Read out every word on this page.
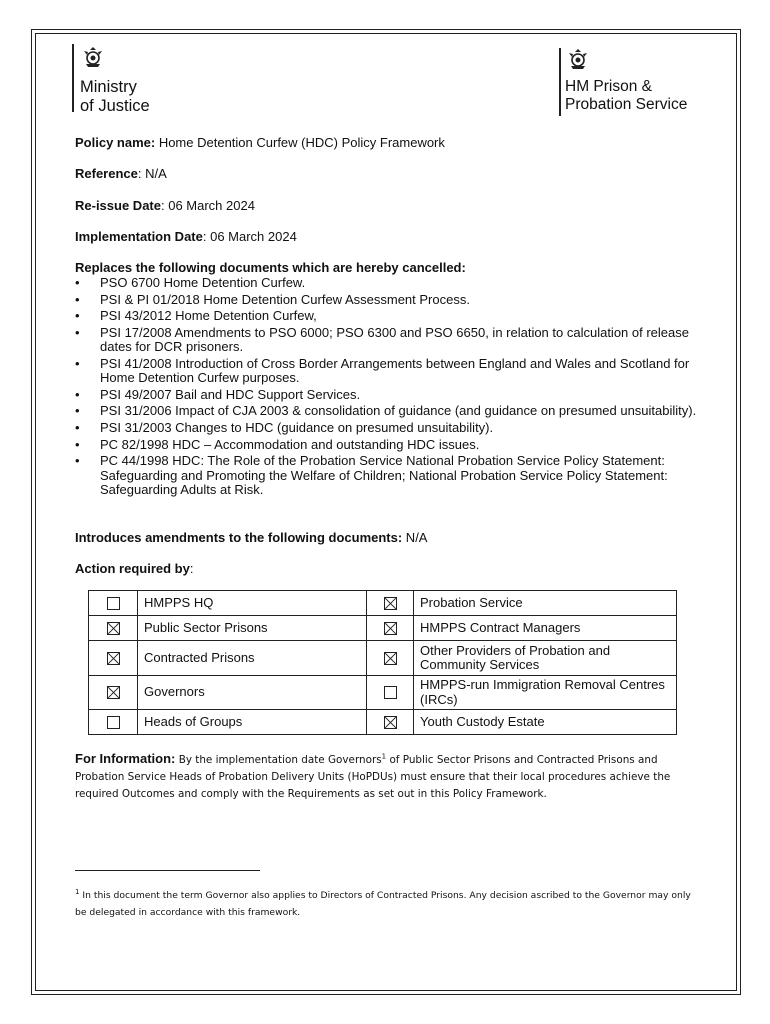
Ministry
of Justice
HM Prison &
Probation Service
Policy name: Home Detention Curfew (HDC) Policy Framework
Reference: N/A
Re-issue Date: 06 March 2024
Implementation Date: 06 March 2024
Replaces the following documents which are hereby cancelled:
• PSO 6700 Home Detention Curfew.
• PSI & PI 01/2018 Home Detention Curfew Assessment Process.
• PSI 43/2012 Home Detention Curfew,
• PSI 17/2008 Amendments to PSO 6000; PSO 6300 and PSO 6650, in relation to calculation of release dates for DCR prisoners.
• PSI 41/2008 Introduction of Cross Border Arrangements between England and Wales and Scotland for Home Detention Curfew purposes.
• PSI 49/2007 Bail and HDC Support Services.
• PSI 31/2006 Impact of CJA 2003 & consolidation of guidance (and guidance on presumed unsuitability).
• PSI 31/2003 Changes to HDC (guidance on presumed unsuitability).
• PC 82/1998 HDC – Accommodation and outstanding HDC issues.
• PC 44/1998 HDC: The Role of the Probation Service National Probation Service Policy Statement: Safeguarding and Promoting the Welfare of Children; National Probation Service Policy Statement: Safeguarding Adults at Risk.
Introduces amendments to the following documents: N/A
Action required by:
	HMPPS HQ		Probation Service
	Public Sector Prisons		HMPPS Contract Managers
	Contracted Prisons		Other Providers of Probation and Community Services
	Governors		HMPPS-run Immigration Removal Centres (IRCs)
	Heads of Groups		Youth Custody Estate
For Information: By the implementation date Governors$^1$ of Public Sector Prisons and Contracted Prisons and Probation Service Heads of Probation Delivery Units (HoPDUs) must ensure that their local procedures achieve the required Outcomes and comply with the Requirements as set out in this Policy Framework.
$^1$ In this document the term Governor also applies to Directors of Contracted Prisons. Any decision ascribed to the Governor may only be delegated in accordance with this framework.
